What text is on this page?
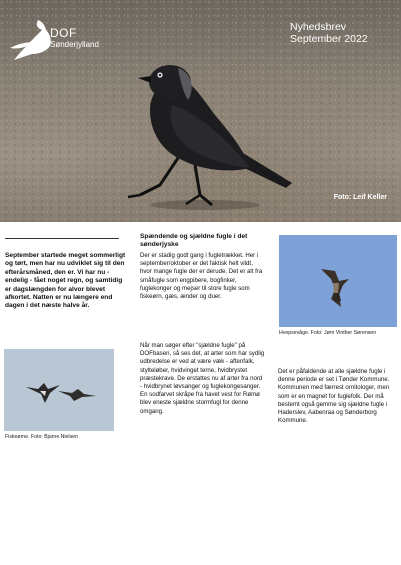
DOF
Sønderjylland
Nyhedsbrev
September 2022
Foto: Leif Keller
September startede meget sommerligt og tørt, men har nu udviklet sig til den efterårsmåned, den er. Vi har nu - endelig - fået noget regn, og samtidig er dagslængden for alvor blevet afkortet. Natten er nu længere end dagen i det næste halve år.
Fiskeørne. Foto: Bjarne Nielsen
Spændende og sjældne fugle i det sønderjyske
Der er stadig godt gang i fugletrækket. Her i september/oktober er det faktisk helt vildt, hvor mange fugle der er derude. Det er alt fra småfugle som engpibere, bogfinker, fuglekonger og mejser til store fugle som fiskeørn, gæs, ænder og duer.
Når man søger efter "sjældne fugle" på DOFbasen, så ses det, at arter som har sydlig udbredelse er ved at være væk - aftenfalk, stylteløber, hvidvinget terne, hvidbrystet præstekrave. De erstattes nu af arter fra nord - hvidbrynet løvsanger og fuglekongesanger. En sodfarvet skråpe fra havet vest for Rømø blev eneste sjældne stormfugl for denne omgang.
Hvepsevåge. Foto: Jørn Vinther Sørensen
Det er påfaldende at alle sjældne fugle i denne periode er set i Tønder Kommune. Kommunen med færrest ornitologer, men som er en magnet for fuglefolk. Der må bestemt også gemme sig sjældne fugle i Haderslev, Aabenraa og Sønderborg Kommune.
